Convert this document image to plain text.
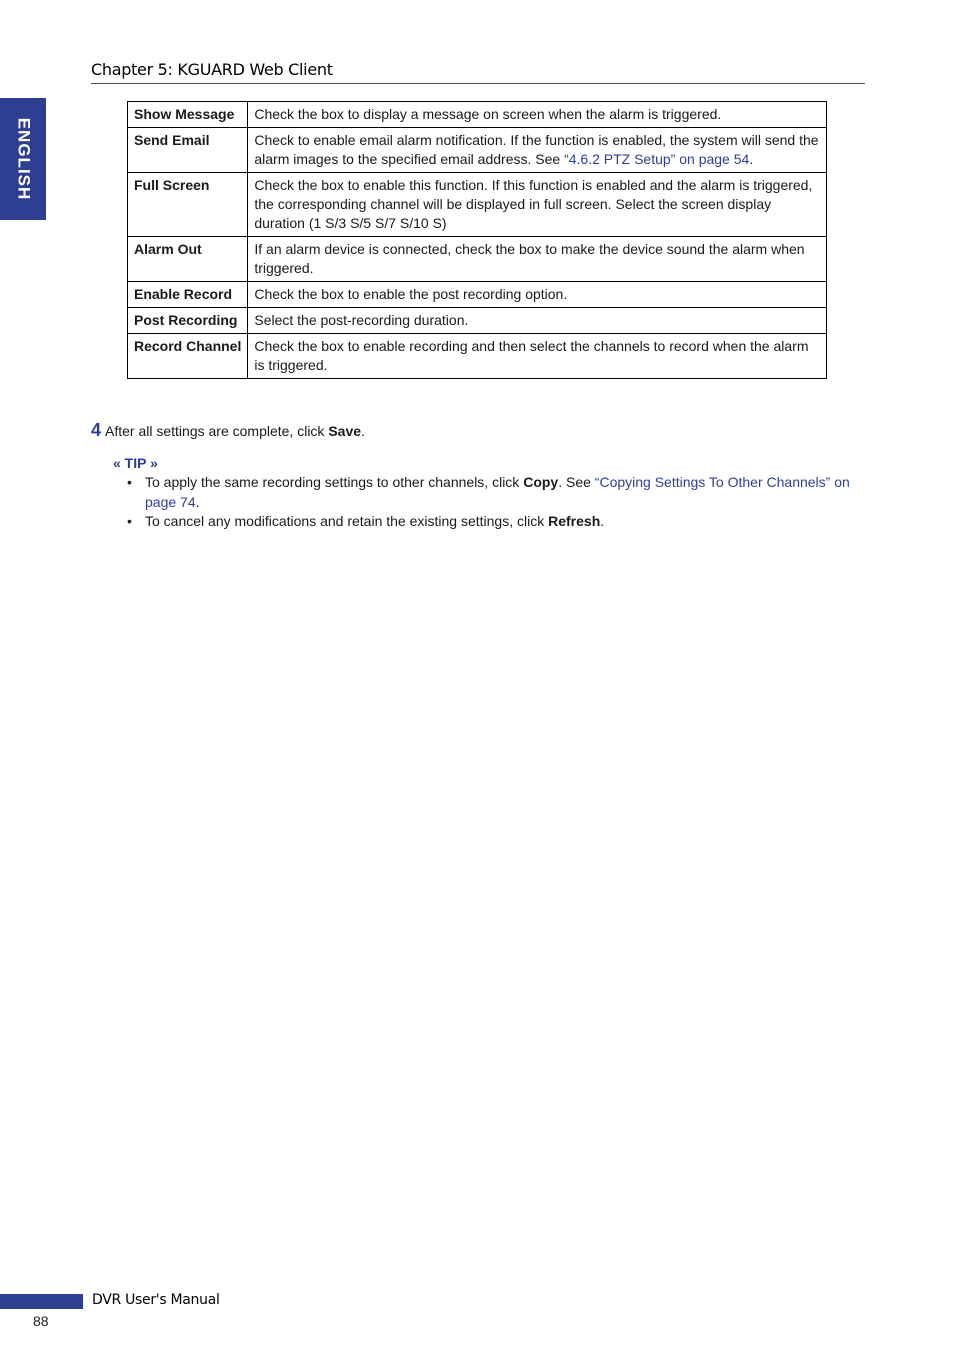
Chapter 5: KGUARD Web Client
ENGLISH
Show Message	Check the box to display a message on screen when the alarm is triggered.
Send Email	Check to enable email alarm notification. If the function is enabled, the system will send the alarm images to the specified email address. See “4.6.2 PTZ Setup” on page 54.
Full Screen	Check the box to enable this function. If this function is enabled and the alarm is triggered, the corresponding channel will be displayed in full screen. Select the screen display duration (1 S/3 S/5 S/7 S/10 S)
Alarm Out	If an alarm device is connected, check the box to make the device sound the alarm when triggered.
Enable Record	Check the box to enable the post recording option.
Post Recording	Select the post-recording duration.
Record Channel	Check the box to enable recording and then select the channels to record when the alarm is triggered.
4 After all settings are complete, click Save.
« TIP »
• To apply the same recording settings to other channels, click Copy. See “Copying Settings To Other Channels” on page 74.
• To cancel any modifications and retain the existing settings, click Refresh.
DVR User's Manual
88
